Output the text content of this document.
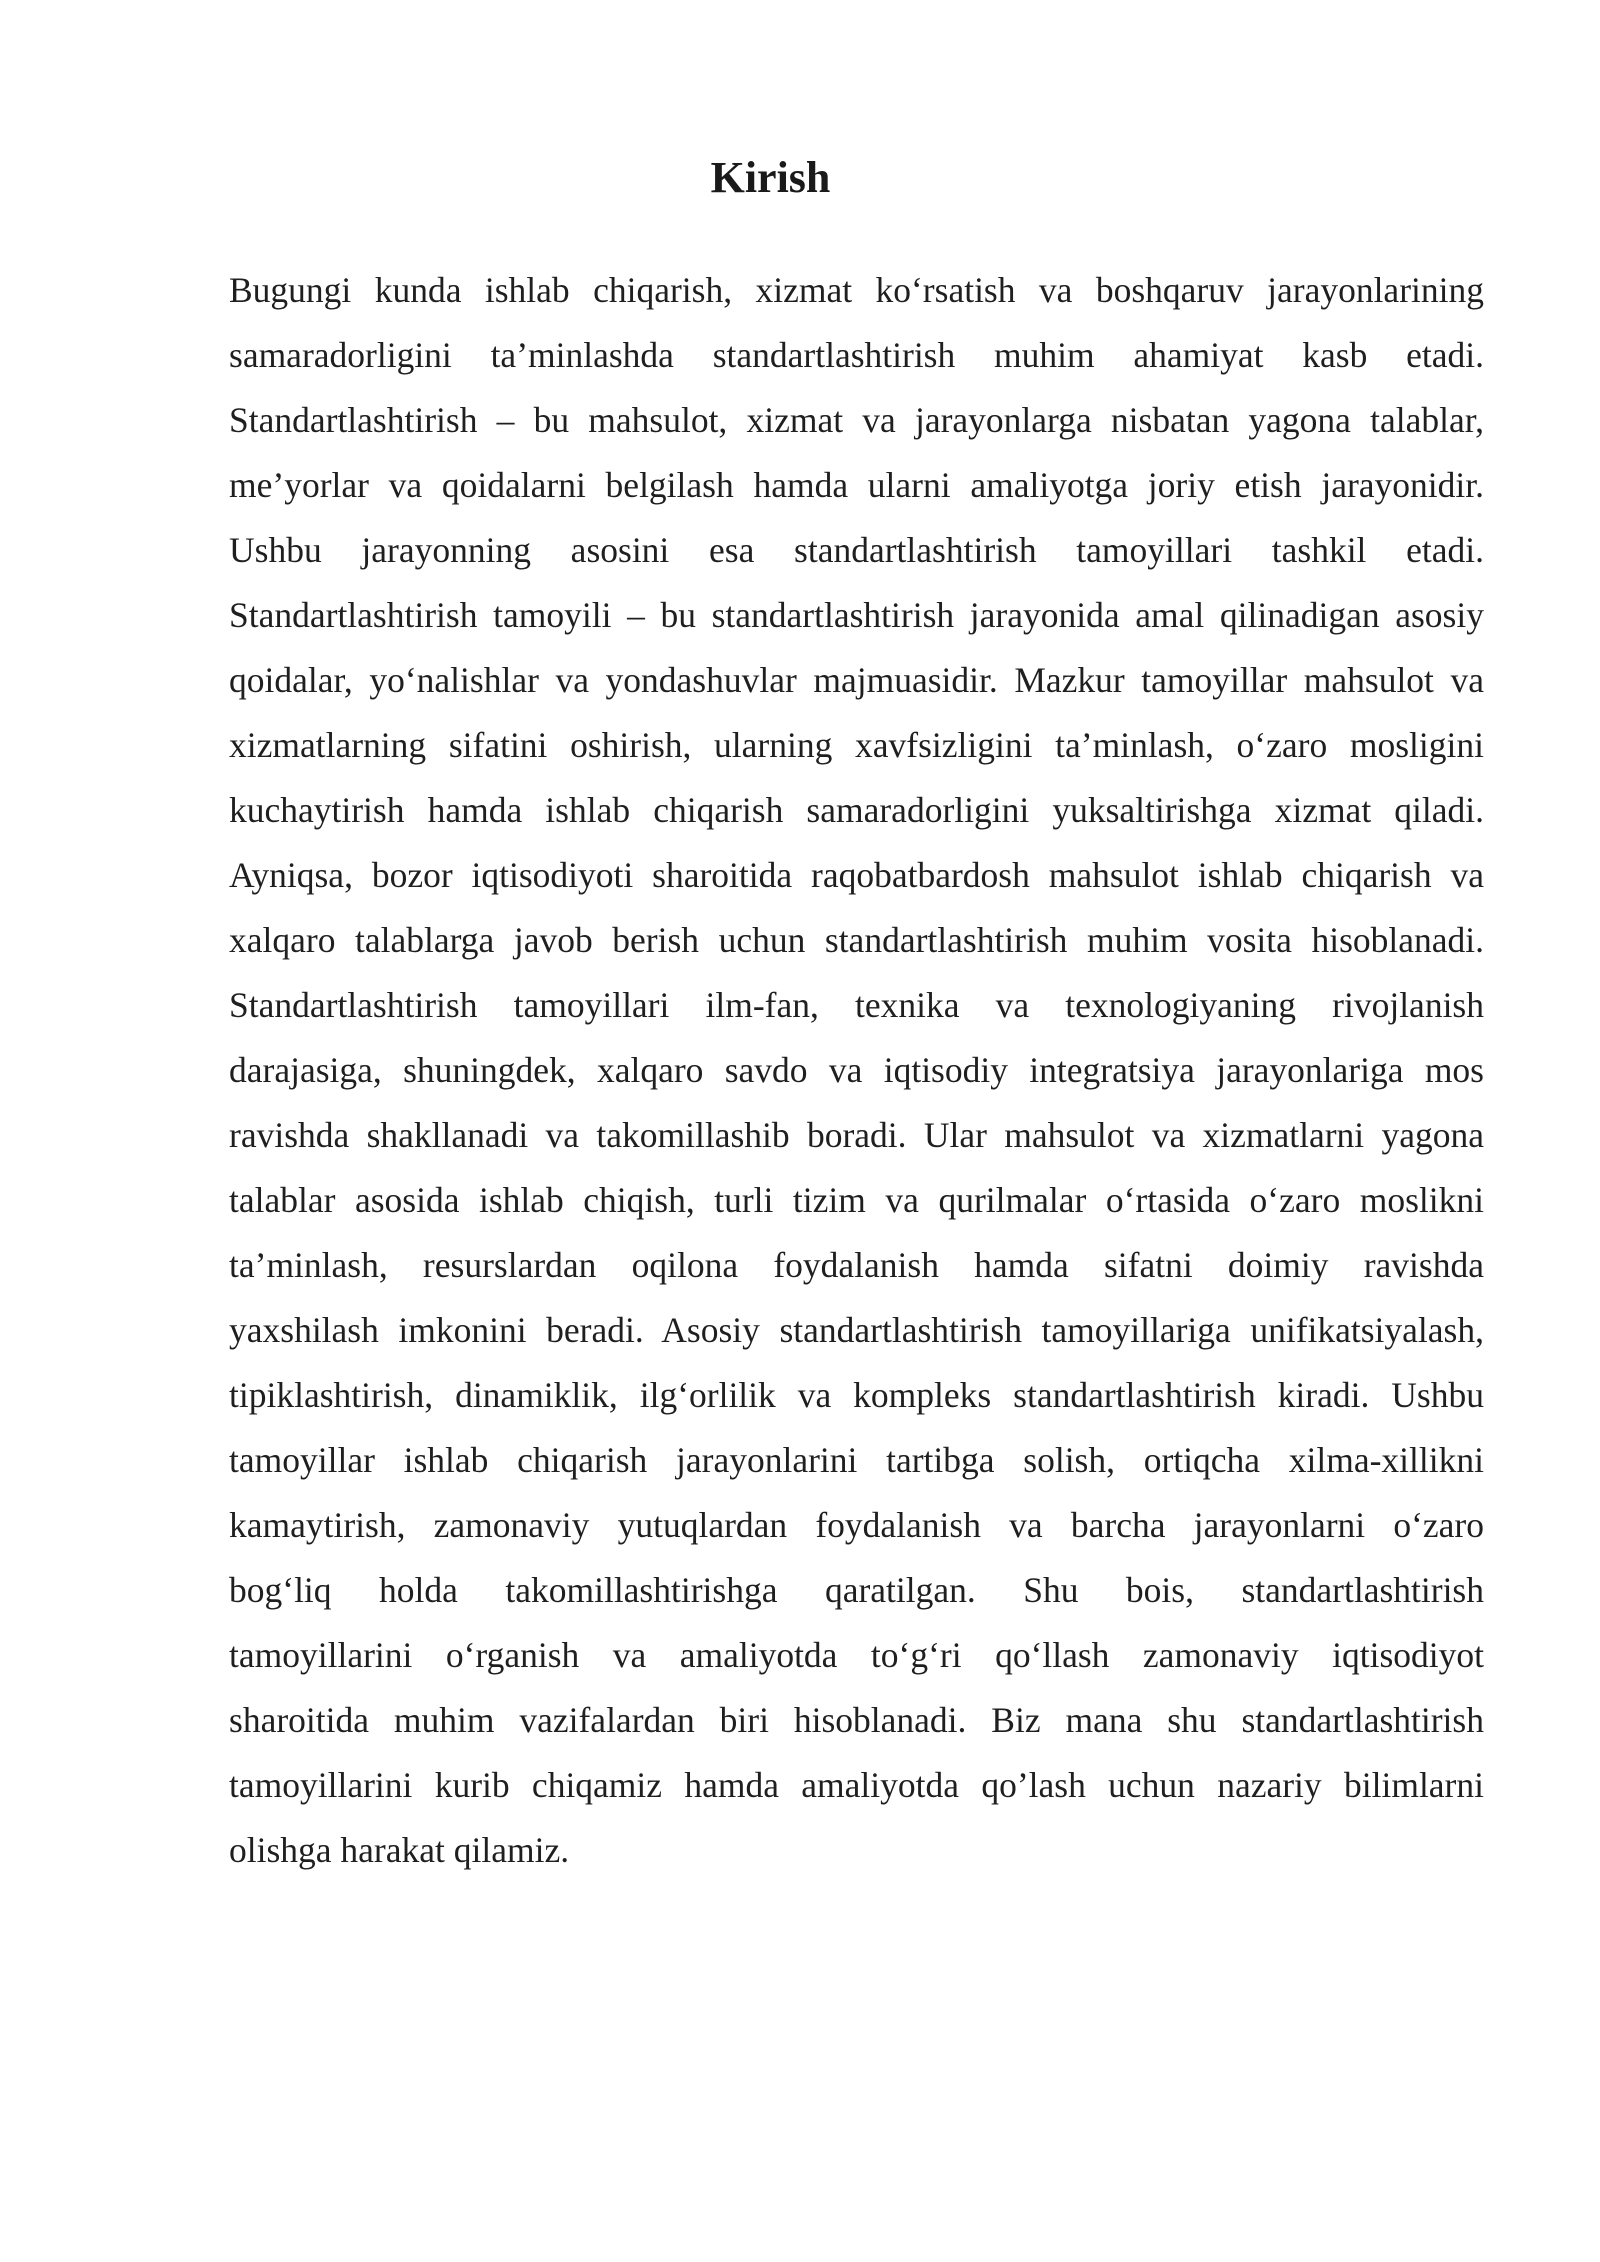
Kirish
Bugungi kunda ishlab chiqarish, xizmat ko‘rsatish va boshqaruv jarayonlarining
samaradorligini ta’minlashda standartlashtirish muhim ahamiyat kasb etadi.
Standartlashtirish – bu mahsulot, xizmat va jarayonlarga nisbatan yagona talablar,
me’yorlar va qoidalarni belgilash hamda ularni amaliyotga joriy etish jarayonidir.
Ushbu jarayonning asosini esa standartlashtirish tamoyillari tashkil etadi.
Standartlashtirish tamoyili – bu standartlashtirish jarayonida amal qilinadigan asosiy
qoidalar, yo‘nalishlar va yondashuvlar majmuasidir. Mazkur tamoyillar mahsulot va
xizmatlarning sifatini oshirish, ularning xavfsizligini ta’minlash, o‘zaro mosligini
kuchaytirish hamda ishlab chiqarish samaradorligini yuksaltirishga xizmat qiladi.
Ayniqsa, bozor iqtisodiyoti sharoitida raqobatbardosh mahsulot ishlab chiqarish va
xalqaro talablarga javob berish uchun standartlashtirish muhim vosita hisoblanadi.
Standartlashtirish tamoyillari ilm-fan, texnika va texnologiyaning rivojlanish
darajasiga, shuningdek, xalqaro savdo va iqtisodiy integratsiya jarayonlariga mos
ravishda shakllanadi va takomillashib boradi. Ular mahsulot va xizmatlarni yagona
talablar asosida ishlab chiqish, turli tizim va qurilmalar o‘rtasida o‘zaro moslikni
ta’minlash, resurslardan oqilona foydalanish hamda sifatni doimiy ravishda
yaxshilash imkonini beradi. Asosiy standartlashtirish tamoyillariga unifikatsiyalash,
tipiklashtirish, dinamiklik, ilg‘orlilik va kompleks standartlashtirish kiradi. Ushbu
tamoyillar ishlab chiqarish jarayonlarini tartibga solish, ortiqcha xilma-xillikni
kamaytirish, zamonaviy yutuqlardan foydalanish va barcha jarayonlarni o‘zaro
bog‘liq holda takomillashtirishga qaratilgan. Shu bois, standartlashtirish
tamoyillarini o‘rganish va amaliyotda to‘g‘ri qo‘llash zamonaviy iqtisodiyot
sharoitida muhim vazifalardan biri hisoblanadi. Biz mana shu standartlashtirish
tamoyillarini kurib chiqamiz hamda amaliyotda qo’lash uchun nazariy bilimlarni
olishga harakat qilamiz.
